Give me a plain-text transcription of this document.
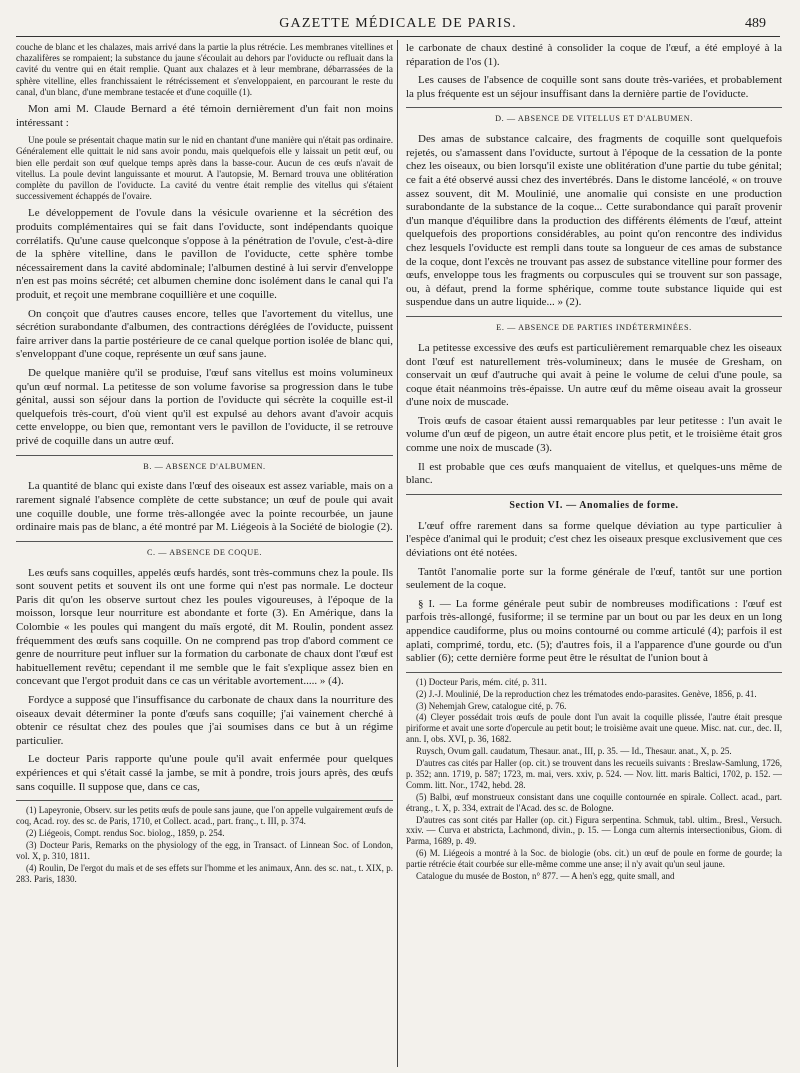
GAZETTE MÉDICALE DE PARIS.	489

couche de blanc et les chalazes, mais arrivé dans la partie la plus rétrécie. Les membranes vitellines et chazalifères se rompaient; la substance du jaune s'écoulait au dehors par l'oviducte ou refluait dans la cavité du ventre qui en était remplie. Quant aux chalazes et à leur membrane, débarrassées de la sphère vitelline, elles franchissaient le rétrécissement et s'enveloppaient, en parcourant le reste du canal, d'un blanc, d'une membrane testacée et d'une coquille (1).

Mon ami M. Claude Bernard a été témoin dernièrement d'un fait non moins intéressant :

Une poule se présentait chaque matin sur le nid en chantant d'une manière qui n'était pas ordinaire. Généralement elle quittait le nid sans avoir pondu, mais quelquefois elle y laissait un petit œuf, ou bien elle perdait son œuf quelque temps après dans la basse-cour. Aucun de ces œufs n'avait de vitellus. La poule devint languissante et mourut. A l'autopsie, M. Bernard trouva une oblitération complète du pavillon de l'oviducte. La cavité du ventre était remplie des vitellus qui s'étaient successivement échappés de l'ovaire.

Le développement de l'ovule dans la vésicule ovarienne et la sécrétion des produits complémentaires qui se fait dans l'oviducte, sont indépendants quoique corrélatifs. Qu'une cause quelconque s'oppose à la pénétration de l'ovule, c'est-à-dire de la sphère vitelline, dans le pavillon de l'oviducte, cette sphère tombe nécessairement dans la cavité abdominale; l'albumen destiné à lui servir d'enveloppe n'en est pas moins sécrété; cet albumen chemine donc isolément dans le canal qui l'a produit, et reçoit une membrane coquillière et une coquille.

On conçoit que d'autres causes encore, telles que l'avortement du vitellus, une sécrétion surabondante d'albumen, des contractions déréglées de l'oviducte, puissent faire arriver dans la partie postérieure de ce canal quelque portion isolée de blanc qui, s'enveloppant d'une coque, représente un œuf sans jaune.

De quelque manière qu'il se produise, l'œuf sans vitellus est moins volumineux qu'un œuf normal. La petitesse de son volume favorise sa progression dans le tube génital, aussi son séjour dans la portion de l'oviducte qui sécrète la coquille est-il quelquefois très-court, d'où vient qu'il est expulsé au dehors avant d'avoir acquis cette enveloppe, ou bien que, remontant vers le pavillon de l'oviducte, il se retrouve privé de coquille dans un autre œuf.

B. — ABSENCE D'ALBUMEN.

La quantité de blanc qui existe dans l'œuf des oiseaux est assez variable, mais on a rarement signalé l'absence complète de cette substance; un œuf de poule qui avait une coquille double, une forme très-allongée avec la pointe recourbée, un jaune ordinaire mais pas de blanc, a été montré par M. Liégeois à la Société de biologie (2).

C. — ABSENCE DE COQUE.

Les œufs sans coquilles, appelés œufs hardés, sont très-communs chez la poule. Ils sont souvent petits et souvent ils ont une forme qui n'est pas normale. Le docteur Paris dit qu'on les observe surtout chez les poules vigoureuses, à l'époque de la moisson, lorsque leur nourriture est abondante et forte (3). En Amérique, dans la Colombie « les poules qui mangent du maïs ergoté, dit M. Roulin, pondent assez fréquemment des œufs sans coquille. On ne comprend pas trop d'abord comment ce genre de nourriture peut influer sur la formation du carbonate de chaux dont l'œuf est habituellement revêtu; cependant il me semble que le fait s'explique assez bien en concevant que l'ergot produit dans ce cas un véritable avortement..... » (4).

Fordyce a supposé que l'insuffisance du carbonate de chaux dans la nourriture des oiseaux devait déterminer la ponte d'œufs sans coquille; j'ai vainement cherché à obtenir ce résultat chez des poules que j'ai soumises dans ce but à un régime particulier.

Le docteur Paris rapporte qu'une poule qu'il avait enfermée pour quelques expériences et qui s'était cassé la jambe, se mit à pondre, trois jours après, des œufs sans coquille. Il suppose que, dans ce cas,

(1) Lapeyronie, Observ. sur les petits œufs de poule sans jaune, que l'on appelle vulgairement œufs de coq, Acad. roy. des sc. de Paris, 1710, et Collect. acad., part. franç., t. III, p. 374.

(2) Liégeois, Compt. rendus Soc. biolog., 1859, p. 254.

(3) Docteur Paris, Remarks on the physiology of the egg, in Transact. of Linnean Soc. of London, vol. X, p. 310, 1811.

(4) Roulin, De l'ergot du maïs et de ses effets sur l'homme et les animaux, Ann. des sc. nat., t. XIX, p. 283. Paris, 1830.

le carbonate de chaux destiné à consolider la coque de l'œuf, a été employé à la réparation de l'os (1).

Les causes de l'absence de coquille sont sans doute très-variées, et probablement la plus fréquente est un séjour insuffisant dans la dernière partie de l'oviducte.

D. — ABSENCE DE VITELLUS ET D'ALBUMEN.

Des amas de substance calcaire, des fragments de coquille sont quelquefois rejetés, ou s'amassent dans l'oviducte, surtout à l'époque de la cessation de la ponte chez les oiseaux, ou bien lorsqu'il existe une oblitération d'une partie du tube génital; ce fait a été observé aussi chez des invertébrés. Dans le distome lancéolé, « on trouve assez souvent, dit M. Moulinié, une anomalie qui consiste en une production surabondante de la substance de la coque... Cette surabondance qui paraît provenir d'un manque d'équilibre dans la production des différents éléments de l'œuf, atteint quelquefois des proportions considérables, au point qu'on rencontre des individus chez lesquels l'oviducte est rempli dans toute sa longueur de ces amas de substance de la coque, dont l'excès ne trouvant pas assez de substance vitelline pour former des œufs, enveloppe tous les fragments ou corpuscules qui se trouvent sur son passage, ou, à défaut, prend la forme sphérique, comme toute substance liquide qui est suspendue dans un autre liquide... » (2).

E. — ABSENCE DE PARTIES INDÉTERMINÉES.

La petitesse excessive des œufs est particulièrement remarquable chez les oiseaux dont l'œuf est naturellement très-volumineux; dans le musée de Gresham, on conservait un œuf d'autruche qui avait à peine le volume de celui d'une poule, sa coque était néanmoins très-épaisse. Un autre œuf du même oiseau avait la grosseur d'une noix de muscade.

Trois œufs de casoar étaient aussi remarquables par leur petitesse : l'un avait le volume d'un œuf de pigeon, un autre était encore plus petit, et le troisième était gros comme une noix de muscade (3).

Il est probable que ces œufs manquaient de vitellus, et quelques-uns même de blanc.

Section VI. — Anomalies de forme.

L'œuf offre rarement dans sa forme quelque déviation au type particulier à l'espèce d'animal qui le produit; c'est chez les oiseaux presque exclusivement que ces déviations ont été notées.

Tantôt l'anomalie porte sur la forme générale de l'œuf, tantôt sur une portion seulement de la coque.

§ I. — La forme générale peut subir de nombreuses modifications : l'œuf est parfois très-allongé, fusiforme; il se termine par un bout ou par les deux en un long appendice caudiforme, plus ou moins contourné ou comme articulé (4); parfois il est aplati, comprimé, tordu, etc. (5); d'autres fois, il a l'apparence d'une gourde ou d'un sablier (6); cette dernière forme peut être le résultat de l'union bout à

(1) Docteur Paris, mém. cité, p. 311.

(2) J.-J. Moulinié, De la reproduction chez les trématodes endo-parasites. Genève, 1856, p. 41.

(3) Nehemjah Grew, catalogue cité, p. 76.

(4) Cleyer possédait trois œufs de poule dont l'un avait la coquille plissée, l'autre était presque piriforme et avait une sorte d'opercule au petit bout; le troisième avait une queue. Misc. nat. cur., dec. II, ann. I, obs. XVI, p. 36, 1682.

Ruysch, Ovum gall. caudatum, Thesaur. anat., III, p. 35. — Id., Thesaur. anat., X, p. 25.

D'autres cas cités par Haller (op. cit.) se trouvent dans les recueils suivants : Breslaw-Samlung, 1726, p. 352; ann. 1719, p. 587; 1723, m. mai, vers. xxiv, p. 524. — Nov. litt. maris Baltici, 1702, p. 152. — Comm. litt. Nor., 1742, hebd. 28.

(5) Balbi, œuf monstrueux consistant dans une coquille contournée en spirale. Collect. acad., part. étrang., t. X, p. 334, extrait de l'Acad. des sc. de Bologne.

D'autres cas sont cités par Haller (op. cit.) Figura serpentina. Schmuk, tabl. ultim., Bresl., Versuch. xxiv. — Curva et abstricta, Lachmond, divin., p. 15. — Longa cum alternis intersectionibus, Giom. di Parma, 1689, p. 49.

(6) M. Liégeois a montré à la Soc. de biologie (obs. cit.) un œuf de poule en forme de gourde; la partie rétrécie était courbée sur elle-même comme une anse; il n'y avait qu'un seul jaune.

Catalogue du musée de Boston, n° 877. — A hen's egg, quite small, and
